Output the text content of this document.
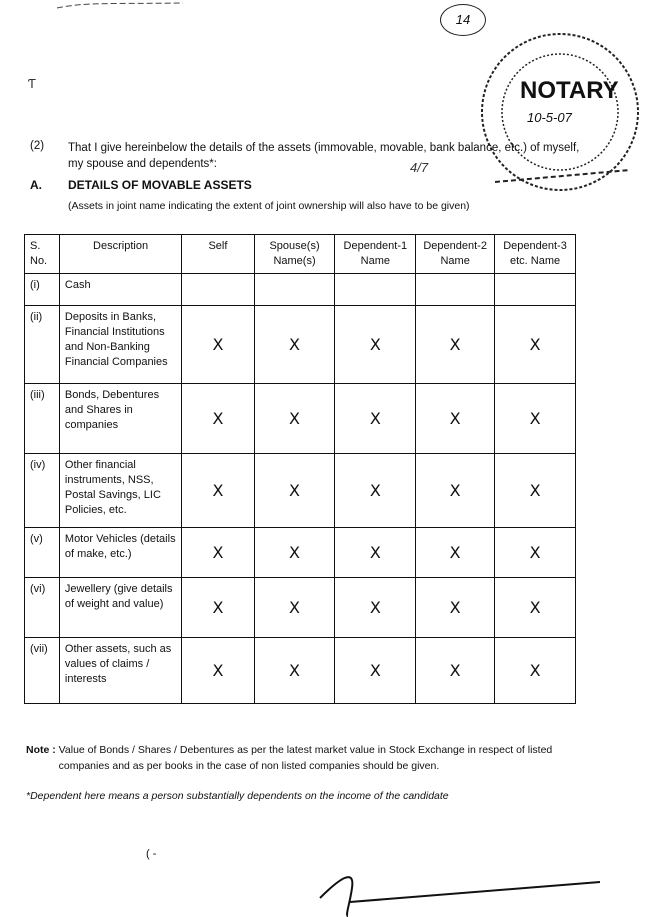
Ƭ
14
NOTARY
10-5-07
(2) That I give hereinbelow the details of the assets (immovable, movable, bank balance, etc.) of myself, my spouse and dependents*:	4/7
A. DETAILS OF MOVABLE ASSETS
(Assets in joint name indicating the extent of joint ownership will also have to be given)
S. No.	Description	Self	Spouse(s) Name(s)	Dependent-1 Name	Dependent-2 Name	Dependent-3 etc. Name
(i)	Cash					
(ii)	Deposits in Banks, Financial Institutions and Non-Banking Financial Companies	X	X	X	X	X
(iii)	Bonds, Debentures and Shares in companies	X	X	X	X	X
(iv)	Other financial instruments, NSS, Postal Savings, LIC Policies, etc.	X	X	X	X	X
(v)	Motor Vehicles (details of make, etc.)	X	X	X	X	X
(vi)	Jewellery (give details of weight and value)	X	X	X	X	X
(vii)	Other assets, such as values of claims / interests	X	X	X	X	X
Note : Value of Bonds / Shares / Debentures as per the latest market value in Stock Exchange in respect of listed companies and as per books in the case of non listed companies should be given.
*Dependent here means a person substantially dependents on the income of the candidate
( -
